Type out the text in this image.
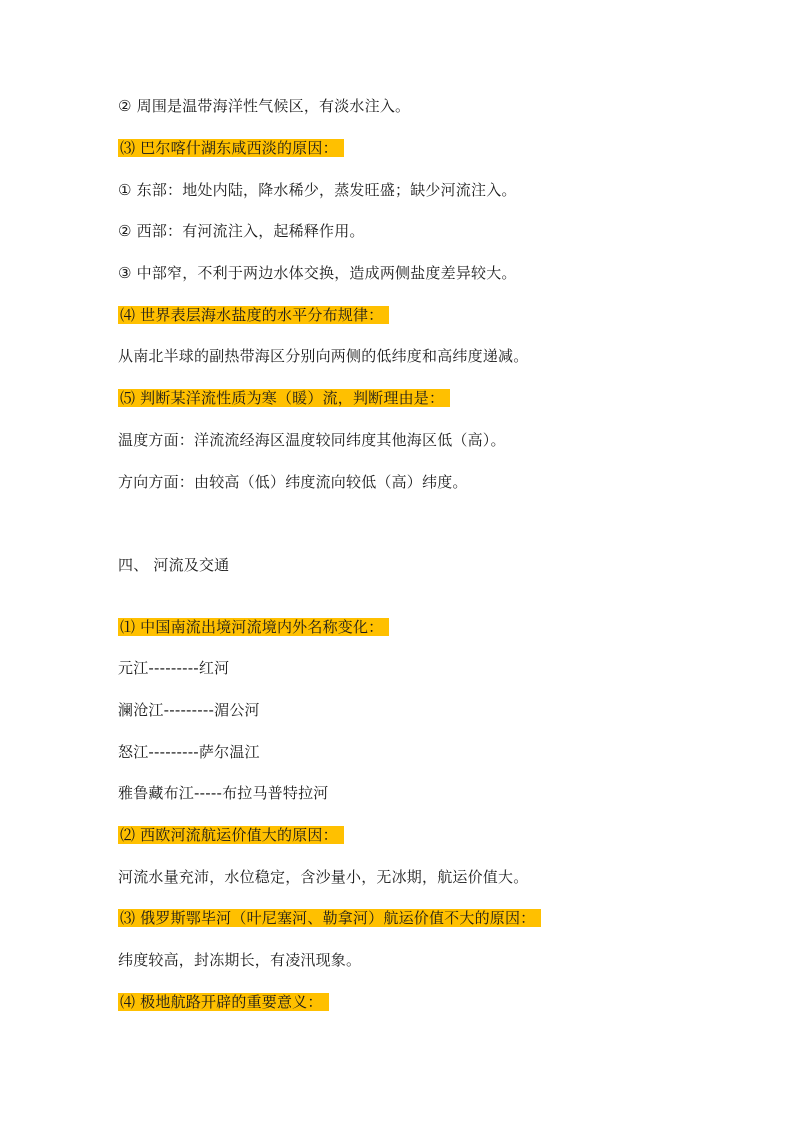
② 周围是温带海洋性气候区，有淡水注入。
⑶ 巴尔喀什湖东咸西淡的原因：
① 东部：地处内陆，降水稀少，蒸发旺盛；缺少河流注入。
② 西部：有河流注入，起稀释作用。
③ 中部窄，不利于两边水体交换，造成两侧盐度差异较大。
⑷ 世界表层海水盐度的水平分布规律：
从南北半球的副热带海区分别向两侧的低纬度和高纬度递减。
⑸ 判断某洋流性质为寒（暖）流，判断理由是：
温度方面：洋流流经海区温度较同纬度其他海区低（高）。
方向方面：由较高（低）纬度流向较低（高）纬度。
四、 河流及交通
⑴ 中国南流出境河流境内外名称变化：
元江---------红河
澜沧江---------湄公河
怒江---------萨尔温江
雅鲁藏布江-----布拉马普特拉河
⑵ 西欧河流航运价值大的原因：
河流水量充沛，水位稳定，含沙量小，无冰期，航运价值大。
⑶ 俄罗斯鄂毕河（叶尼塞河、勒拿河）航运价值不大的原因：
纬度较高，封冻期长，有凌汛现象。
⑷ 极地航路开辟的重要意义：
